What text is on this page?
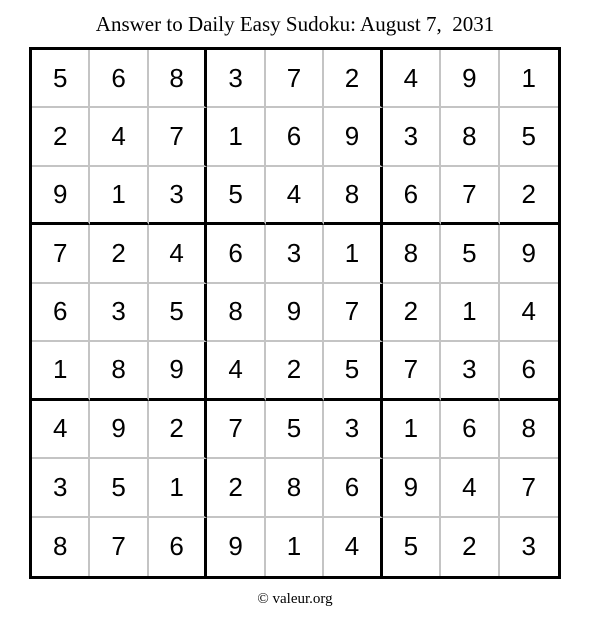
Answer to Daily Easy Sudoku: August 7,  2031
5	6	8	3	7	2	4	9	1
2	4	7	1	6	9	3	8	5
9	1	3	5	4	8	6	7	2
7	2	4	6	3	1	8	5	9
6	3	5	8	9	7	2	1	4
1	8	9	4	2	5	7	3	6
4	9	2	7	5	3	1	6	8
3	5	1	2	8	6	9	4	7
8	7	6	9	1	4	5	2	3
© valeur.org
